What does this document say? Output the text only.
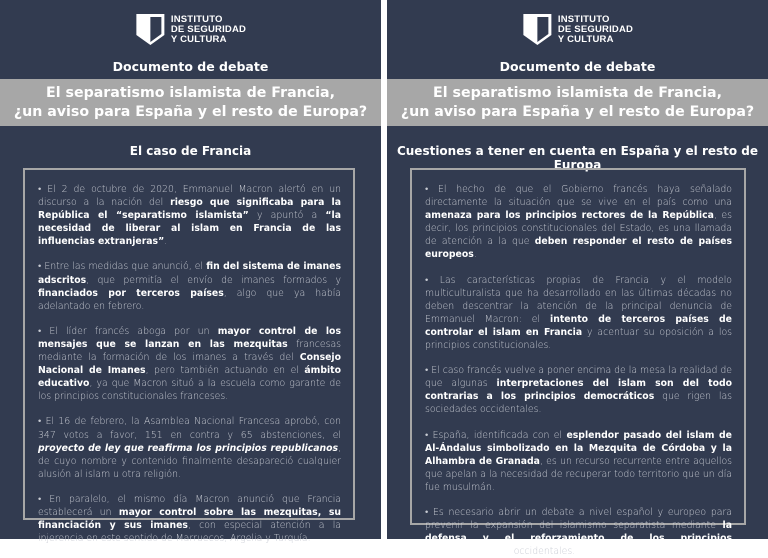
INSTITUTO
DE SEGURIDAD
Y CULTURA
Documento de debate
El separatismo islamista de Francia,
¿un aviso para España y el resto de Europa?
El caso de Francia
• El 2 de octubre de 2020, Emmanuel Macron alertó en un discurso a la nación del riesgo que significaba para la República el “separatismo islamista” y apuntó a “la necesidad de liberar al islam en Francia de las influencias extranjeras”.
• Entre las medidas que anunció, el fin del sistema de imanes adscritos, que permitía el envío de imanes formados y financiados por terceros países, algo que ya había adelantado en febrero.
• El líder francés aboga por un mayor control de los mensajes que se lanzan en las mezquitas francesas mediante la formación de los imanes a través del Consejo Nacional de Imanes, pero también actuando en el ámbito educativo, ya que Macron situó a la escuela como garante de los principios constitucionales franceses.
• El 16 de febrero, la Asamblea Nacional Francesa aprobó, con 347 votos a favor, 151 en contra y 65 abstenciones, el proyecto de ley que reafirma los principios republicanos, de cuyo nombre y contenido finalmente desapareció cualquier alusión al islam u otra religión.
• En paralelo, el mismo día Macron anunció que Francia establecerá un mayor control sobre las mezquitas, su financiación y sus imanes, con especial atención a la injerencia en este sentido de Marruecos, Argelia y Turquía.
INSTITUTO
DE SEGURIDAD
Y CULTURA
Documento de debate
El separatismo islamista de Francia,
¿un aviso para España y el resto de Europa?
Cuestiones a tener en cuenta en España y el resto de Europa
• El hecho de que el Gobierno francés haya señalado directamente la situación que se vive en el país como una amenaza para los principios rectores de la República, es decir, los principios constitucionales del Estado, es una llamada de atención a la que deben responder el resto de países europeos.
• Las características propias de Francia y el modelo multiculturalista que ha desarrollado en las últimas décadas no deben descentrar la atención de la principal denuncia de Emmanuel Macron: el intento de terceros países de controlar el islam en Francia y acentuar su oposición a los principios constitucionales.
• El caso francés vuelve a poner encima de la mesa la realidad de que algunas interpretaciones del islam son del todo contrarias a los principios democráticos que rigen las sociedades occidentales.
• España, identificada con el esplendor pasado del islam de Al-Ándalus simbolizado en la Mezquita de Córdoba y la Alhambra de Granada, es un recurso recurrente entre aquellos que apelan a la necesidad de recuperar todo territorio que un día fue musulmán.
• Es necesario abrir un debate a nivel español y europeo para prevenir la expansión del islamismo separatista mediante la defensa y el reforzamiento de los principios constitucionales occidentales.
